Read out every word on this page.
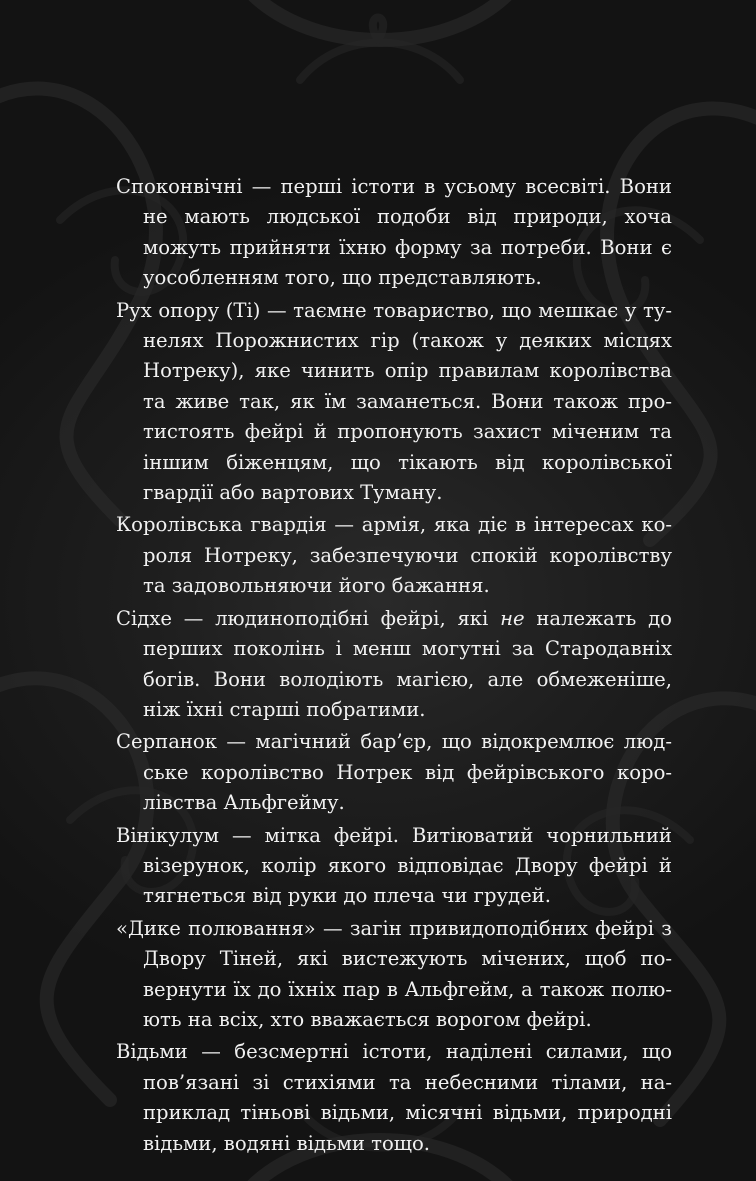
Споконвічні — перші істоти в усьому всесвіті. Вони не мають людської подоби від природи, хоча можуть прийняти їхню форму за потреби. Вони є уособленням того, що представляють.

Рух опору (Ті) — таємне товариство, що мешкає у тунелях Порожнистих гір (також у деяких місцях Нотреку), яке чинить опір правилам королівства та живе так, як їм заманеться. Вони також протистоять фейрі й пропонують захист міченим та іншим біженцям, що тікають від королівської гвардії або вартових Туману.

Королівська гвардія — армія, яка діє в інтересах короля Нотреку, забезпечуючи спокій королівству та задовольняючи його бажання.

Сідхе — людиноподібні фейрі, які не належать до перших поколінь і менш могутні за Стародавніх богів. Вони володіють магією, але обмеженіше, ніж їхні старші побратими.

Серпанок — магічний бар’єр, що відокремлює людське королівство Нотрек від фейрівського королівства Альфгейму.

Вінікулум — мітка фейрі. Витіюватий чорнильний візерунок, колір якого відповідає Двору фейрі й тягнеться від руки до плеча чи грудей.

«Дике полювання» — загін привидоподібних фейрі з Двору Тіней, які вистежують мічених, щоб повернути їх до їхніх пар в Альфгейм, а також полюють на всіх, хто вважається ворогом фейрі.

Відьми — безсмертні істоти, наділені силами, що пов’язані зі стихіями та небесними тілами, наприклад тіньові відьми, місячні відьми, природні відьми, водяні відьми тощо.
